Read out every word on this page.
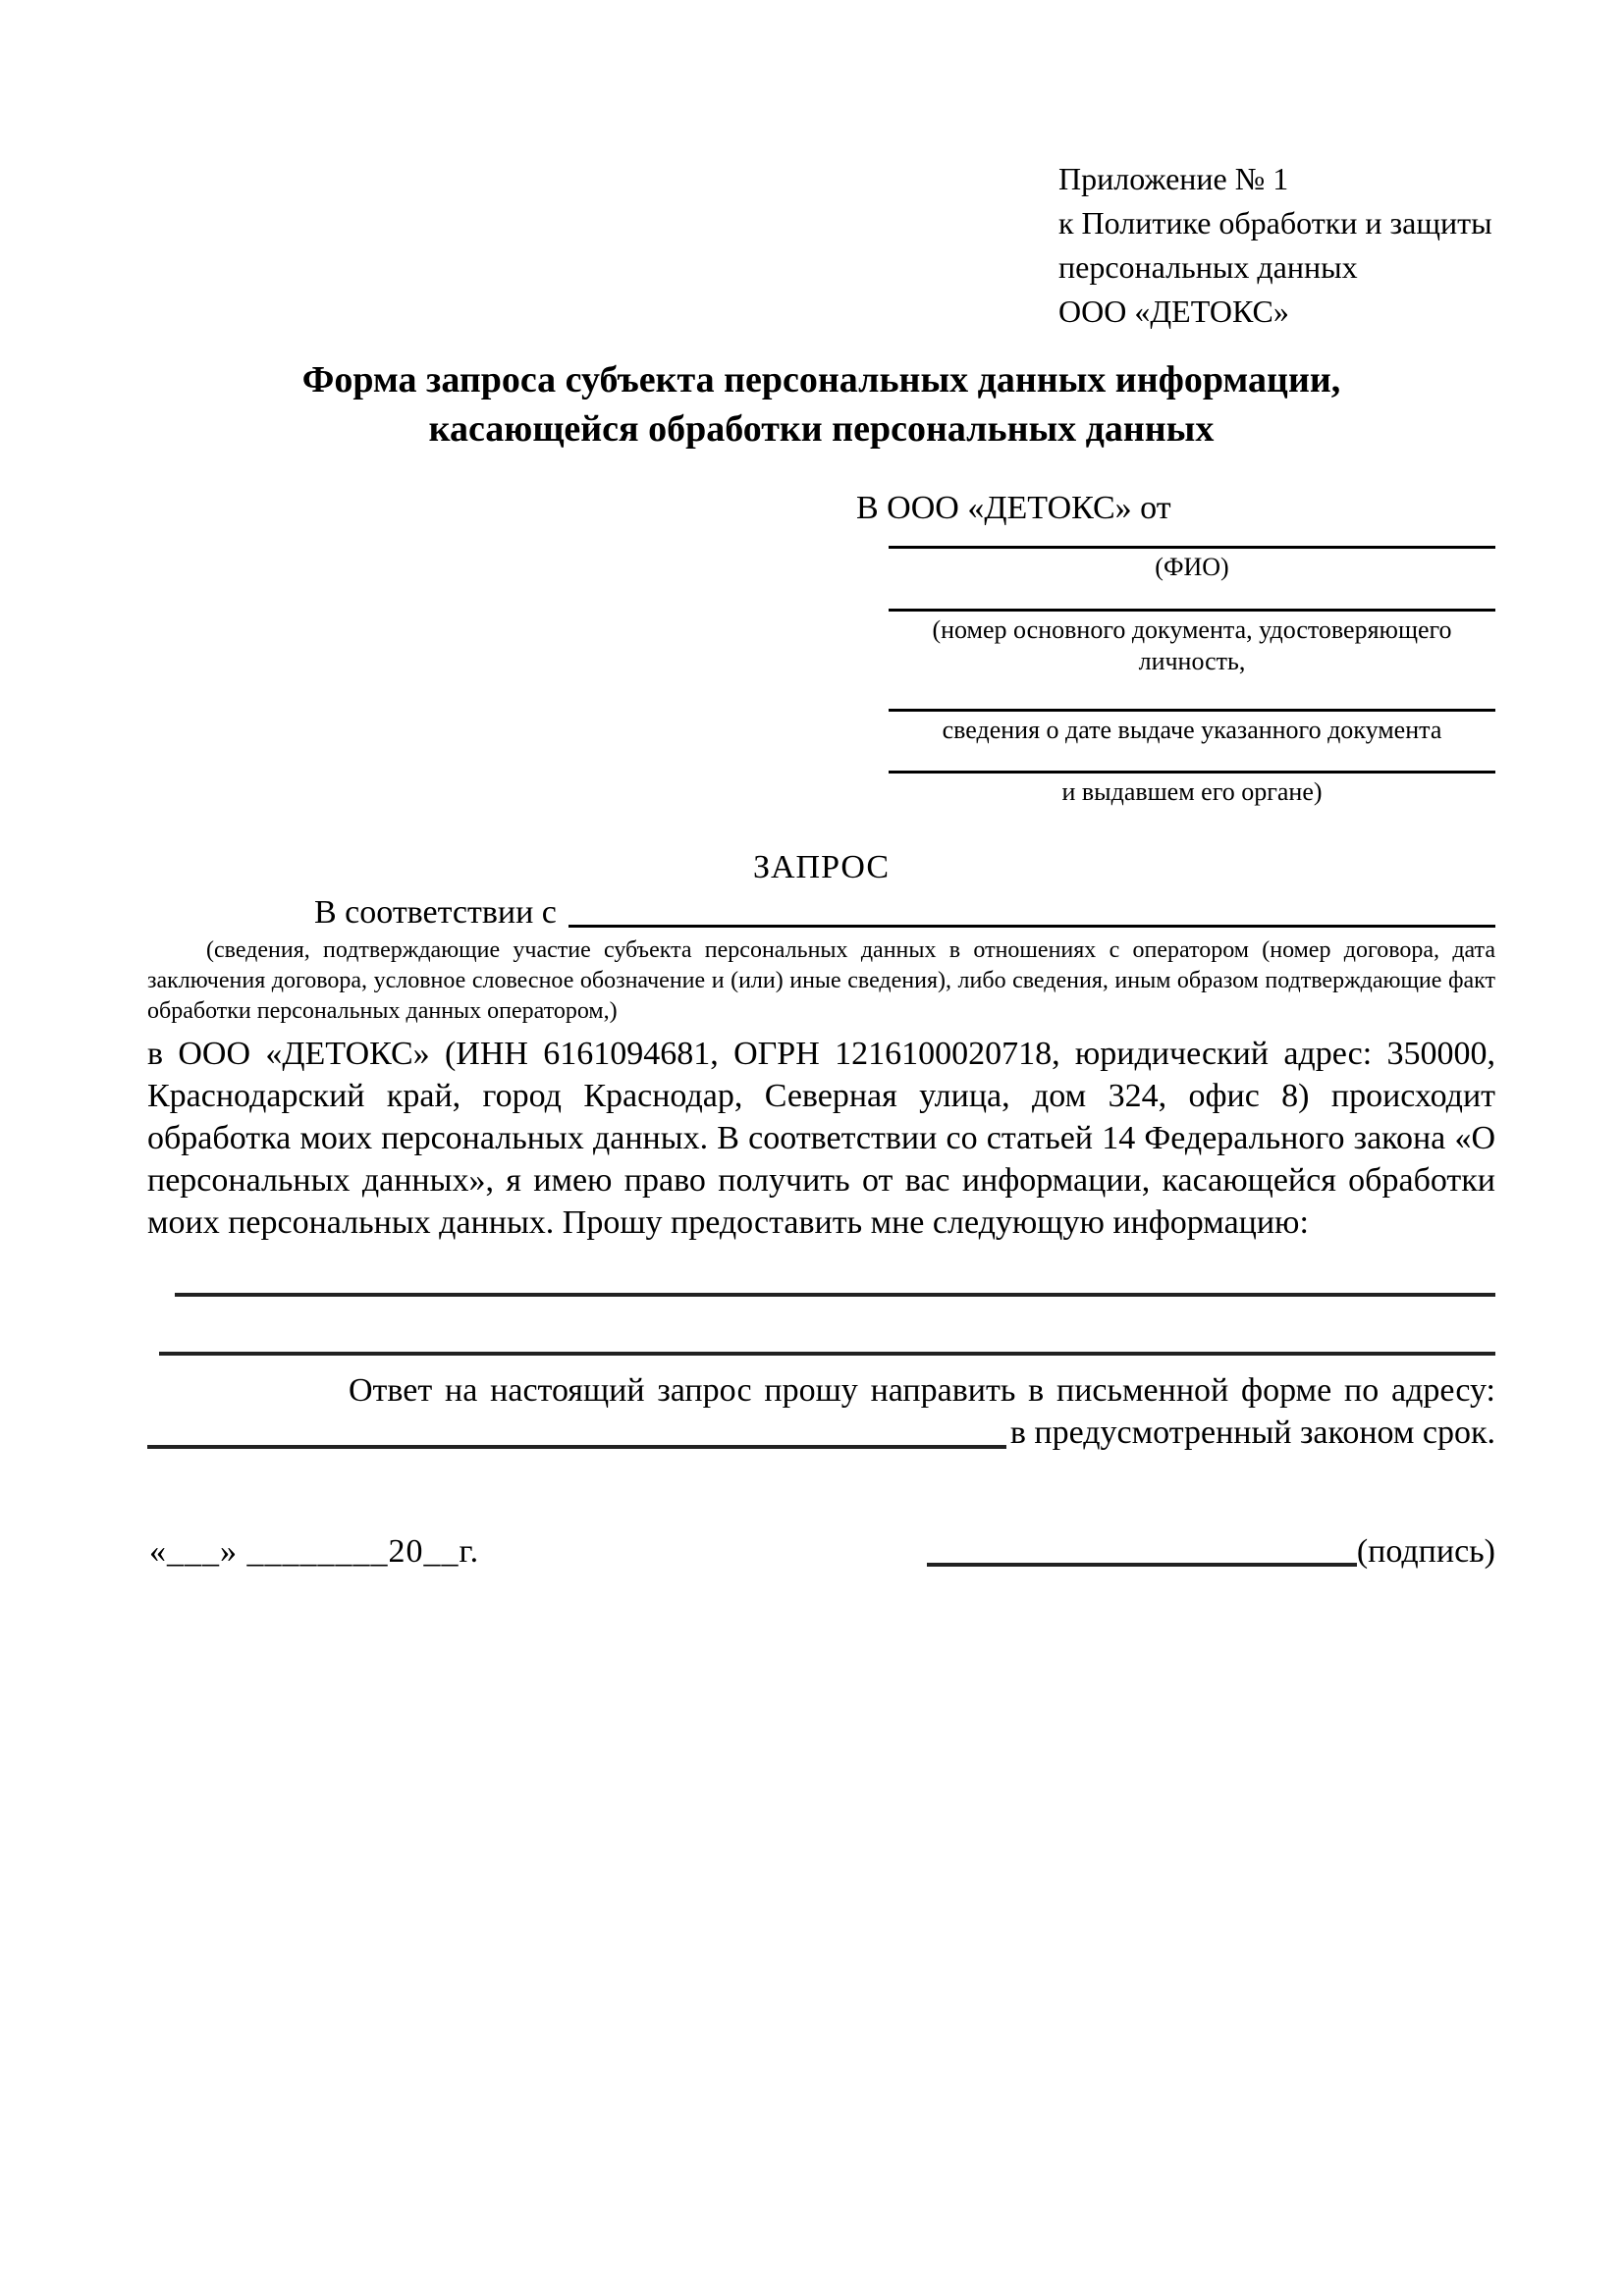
Приложение № 1
к Политике обработки и защиты
персональных данных
ООО «ДЕТОКС»
Форма запроса субъекта персональных данных информации,
касающейся обработки персональных данных
В ООО «ДЕТОКС» от
(ФИО)
(номер основного документа, удостоверяющего личность,
сведения о дате выдаче указанного документа
и выдавшем его органе)
ЗАПРОС
В соответствии с
(сведения, подтверждающие участие субъекта персональных данных в отношениях с оператором (номер договора, дата заключения договора, условное словесное обозначение и (или) иные сведения), либо сведения, иным образом подтверждающие факт обработки персональных данных оператором,)
в ООО «ДЕТОКС» (ИНН 6161094681, ОГРН 1216100020718, юридический адрес: 350000, Краснодарский край, город Краснодар, Северная улица, дом 324, офис 8) происходит обработка моих персональных данных. В соответствии со статьей 14 Федерального закона «О персональных данных», я имею право получить от вас информации, касающейся обработки моих персональных данных. Прошу предоставить мне следующую информацию:
Ответ на настоящий запрос прошу направить в письменной форме по адресу:
в предусмотренный законом срок.
«___» ________20__г.	(подпись)
